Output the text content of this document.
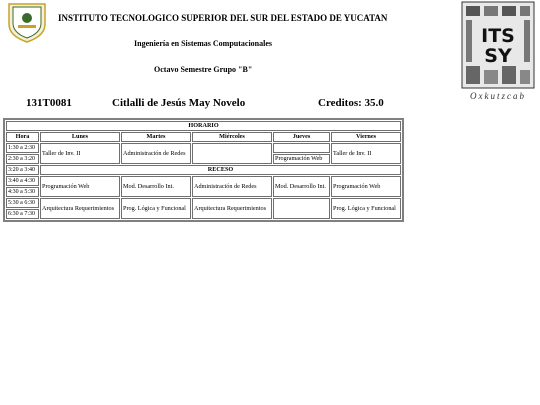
ITS
SY
Oxkutzcab
INSTITUTO TECNOLOGICO SUPERIOR DEL SUR DEL ESTADO DE YUCATAN
Ingeniería en Sistemas Computacionales
Octavo Semestre Grupo "B"
131T0081	Citlalli de Jesús May Novelo	Creditos: 35.0
HORARIO					
Hora	Lunes	Martes	Miércoles	Jueves	Viernes
1:30 a 2:30	Taller de Inv. II	Administración de Redes			Taller de Inv. II
2:30 a 3:20				Programación Web	
3:20 a 3:40	RECESO				
3:40 a 4:30	Programación Web	Mod. Desarrollo Int.	Administración de Redes	Mod. Desarrollo Int.	Programación Web
4:30 a 5:30					
5:30 a 6:30	Arquitectura Requerimientos	Prog. Lógica y Funcional	Arquitectura Requerimientos		Prog. Lógica y Funcional
6:30 a 7:30					
